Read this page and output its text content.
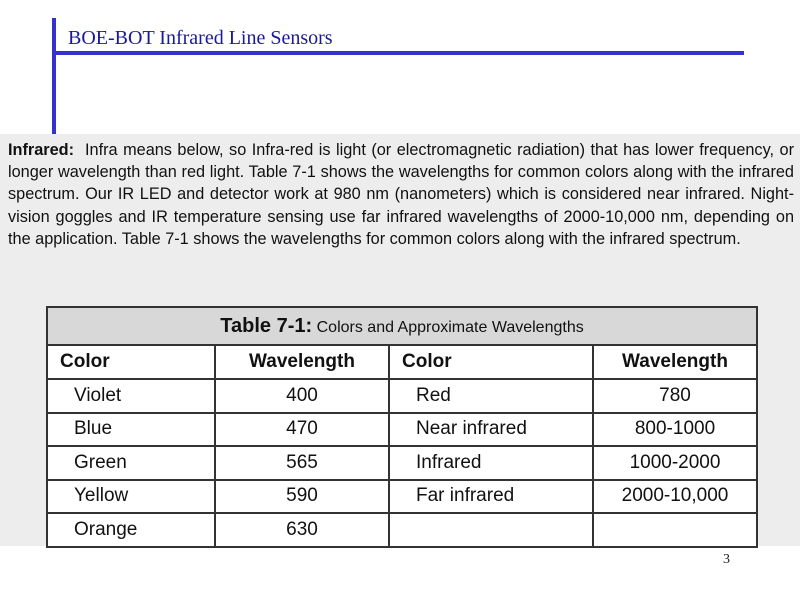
BOE-BOT Infrared Line Sensors
Infrared: Infra means below, so Infra-red is light (or electromagnetic radiation) that has lower frequency, or longer wavelength than red light. Table 7-1 shows the wavelengths for common colors along with the infrared spectrum. Our IR LED and detector work at 980 nm (nanometers) which is considered near infrared. Night-vision goggles and IR temperature sensing use far infrared wavelengths of 2000-10,000 nm, depending on the application. Table 7-1 shows the wavelengths for common colors along with the infrared spectrum.
Table 7-1: Colors and Approximate Wavelengths			
Color	Wavelength	Color	Wavelength
Violet	400	Red	780
Blue	470	Near infrared	800-1000
Green	565	Infrared	1000-2000
Yellow	590	Far infrared	2000-10,000
Orange	630		
3
